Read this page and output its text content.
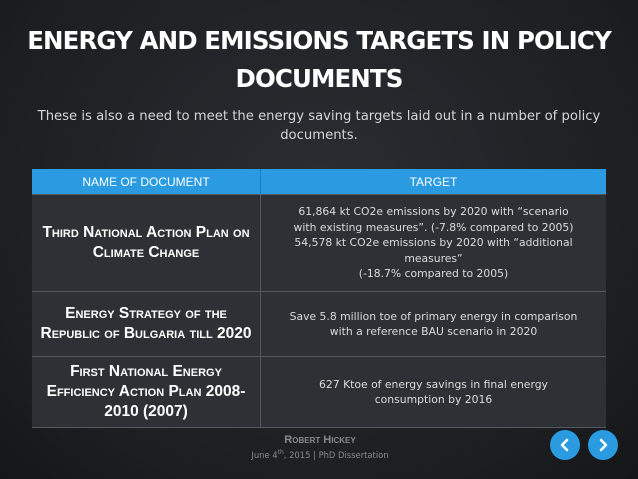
ENERGY AND EMISSIONS TARGETS IN POLICY DOCUMENTS
These is also a need to meet the energy saving targets laid out in a number of policy documents.
NAME OF DOCUMENT	TARGET

Third National Action Plan on Climate Change	61,864 kt CO2e emissions by 2020 with “scenario
with existing measures”. (-7.8% compared to 2005)
54,578 kt CO2e emissions by 2020 with “additional
measures”
(-18.7% compared to 2005)

Energy Strategy of the Republic of Bulgaria till 2020	Save 5.8 million toe of primary energy in comparison
with a reference BAU scenario in 2020

First National Energy Efficiency Action Plan 2008-2010 (2007)	627 Ktoe of energy savings in final energy
consumption by 2016
Robert Hickey
June 4th, 2015 | PhD Dissertation
